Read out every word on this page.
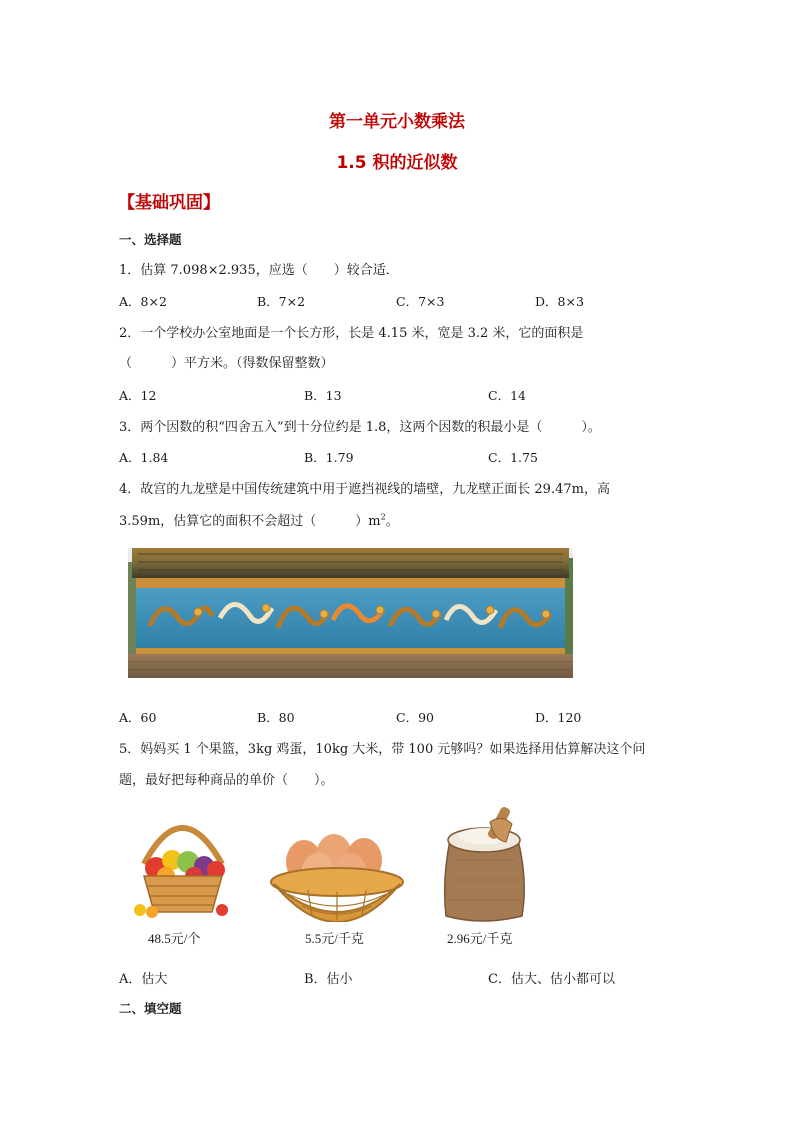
第一单元小数乘法
1.5 积的近似数
【基础巩固】
一、选择题
1．估算 7.098×2.935，应选（　　）较合适．
A．8×2	B．7×2	C．7×3	D．8×3
2．一个学校办公室地面是一个长方形，长是 4.15 米，宽是 3.2 米，它的面积是
（　　　）平方米。（得数保留整数）
A．12	B．13	C．14
3．两个因数的积“四舍五入”到十分位约是 1.8，这两个因数的积最小是（　　　）。
A．1.84	B．1.79	C．1.75
4．故宫的九龙壁是中国传统建筑中用于遮挡视线的墙壁，九龙壁正面长 29.47m，高
3.59m，估算它的面积不会超过（　　　）$m^2$。
A．60	B．80	C．90	D．120
5．妈妈买 1 个果篮，3kg 鸡蛋，10kg 大米，带 100 元够吗？如果选择用估算解决这个问
题，最好把每种商品的单价（　　）。
48.5元/个	5.5元/千克	2.96元/千克
A．估大	B．估小	C．估大、估小都可以
二、填空题
